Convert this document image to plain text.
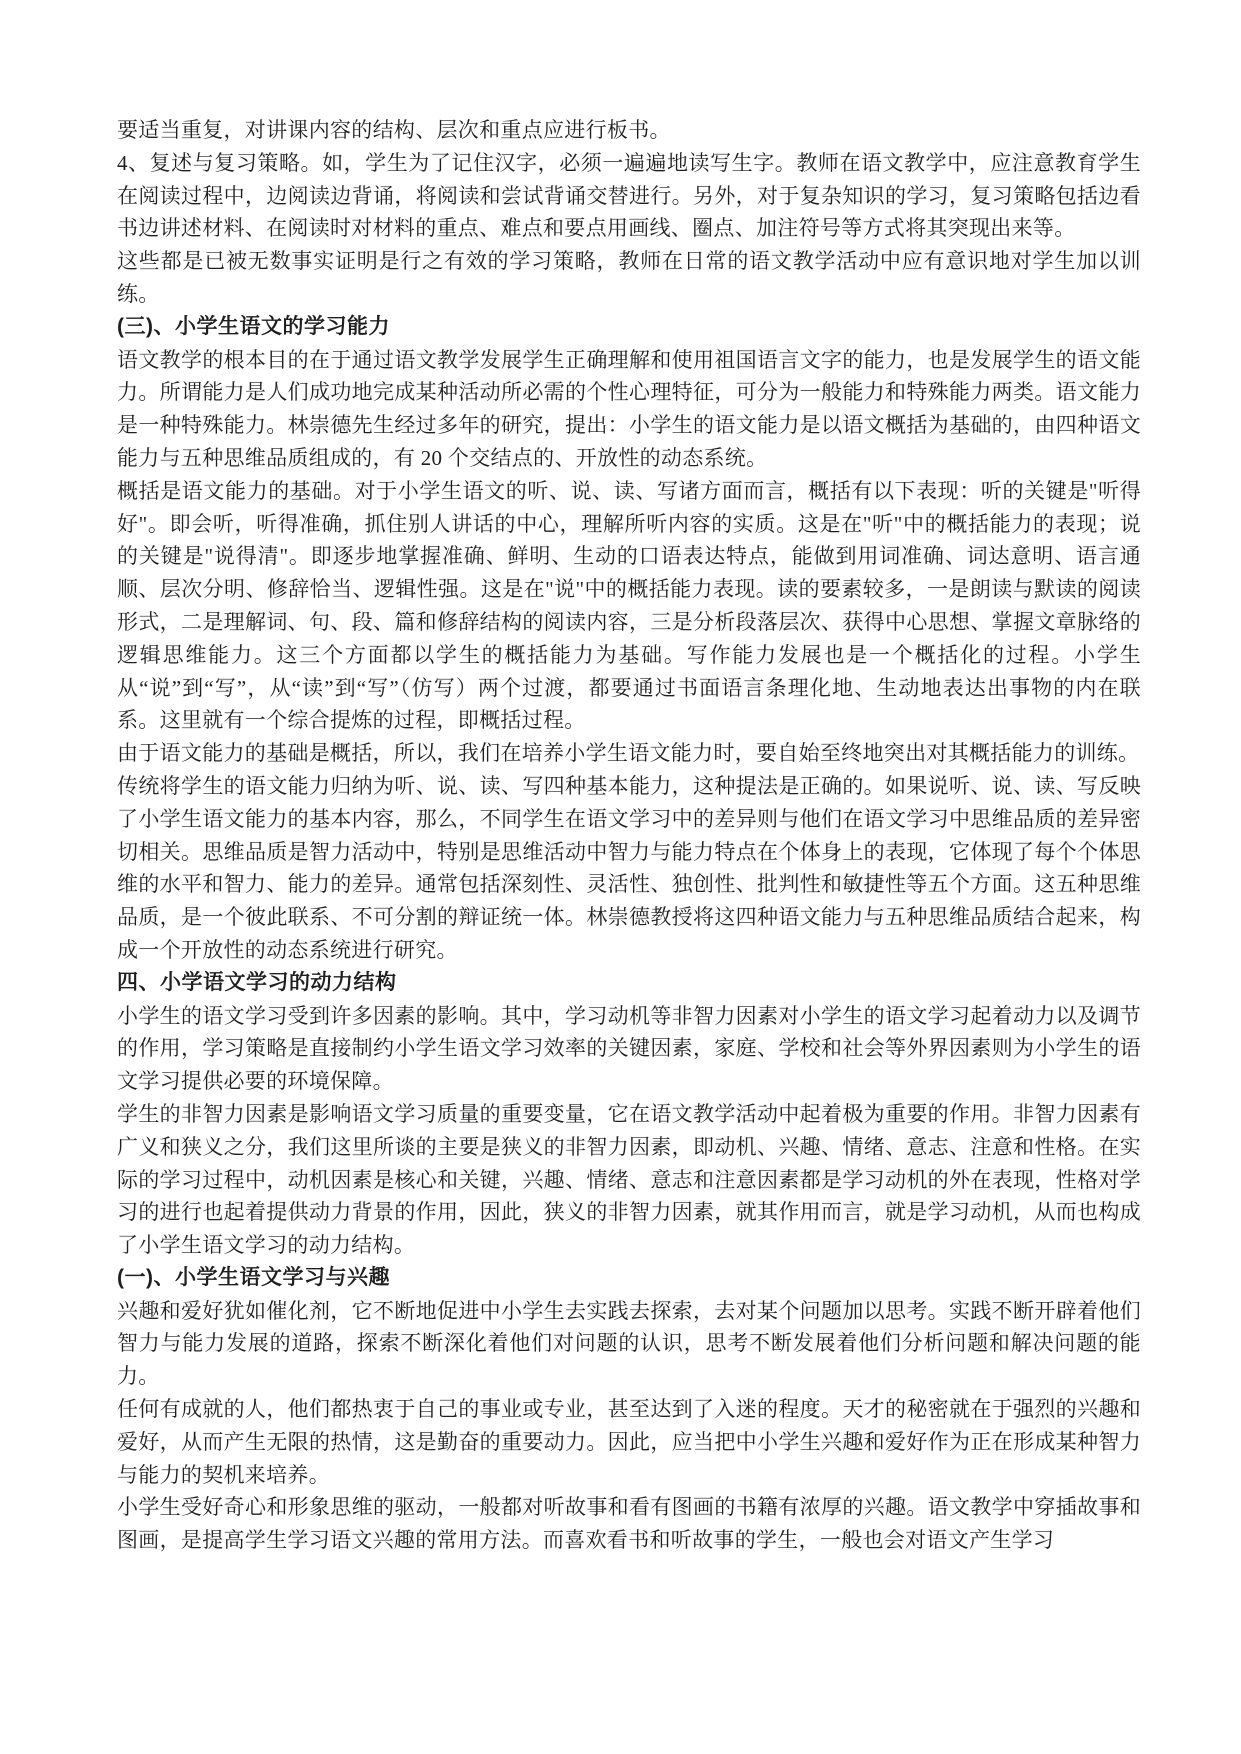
要适当重复，对讲课内容的结构、层次和重点应进行板书。
4、复述与复习策略。如，学生为了记住汉字，必须一遍遍地读写生字。教师在语文教学中，应注意教育学生在阅读过程中，边阅读边背诵，将阅读和尝试背诵交替进行。另外，对于复杂知识的学习，复习策略包括边看书边讲述材料、在阅读时对材料的重点、难点和要点用画线、圈点、加注符号等方式将其突现出来等。
这些都是已被无数事实证明是行之有效的学习策略，教师在日常的语文教学活动中应有意识地对学生加以训练。
(三)、小学生语文的学习能力
语文教学的根本目的在于通过语文教学发展学生正确理解和使用祖国语言文字的能力，也是发展学生的语文能力。所谓能力是人们成功地完成某种活动所必需的个性心理特征，可分为一般能力和特殊能力两类。语文能力是一种特殊能力。林崇德先生经过多年的研究，提出：小学生的语文能力是以语文概括为基础的，由四种语文能力与五种思维品质组成的，有 20 个交结点的、开放性的动态系统。
概括是语文能力的基础。对于小学生语文的听、说、读、写诸方面而言，概括有以下表现：听的关键是"听得好"。即会听，听得准确，抓住别人讲话的中心，理解所听内容的实质。这是在"听"中的概括能力的表现；说的关键是"说得清"。即逐步地掌握准确、鲜明、生动的口语表达特点，能做到用词准确、词达意明、语言通顺、层次分明、修辞恰当、逻辑性强。这是在"说"中的概括能力表现。读的要素较多，一是朗读与默读的阅读形式，二是理解词、句、段、篇和修辞结构的阅读内容，三是分析段落层次、获得中心思想、掌握文章脉络的逻辑思维能力。这三个方面都以学生的概括能力为基础。写作能力发展也是一个概括化的过程。小学生从“说”到“写”，从“读”到“写”（仿写）两个过渡，都要通过书面语言条理化地、生动地表达出事物的内在联系。这里就有一个综合提炼的过程，即概括过程。
由于语文能力的基础是概括，所以，我们在培养小学生语文能力时，要自始至终地突出对其概括能力的训练。
传统将学生的语文能力归纳为听、说、读、写四种基本能力，这种提法是正确的。如果说听、说、读、写反映了小学生语文能力的基本内容，那么，不同学生在语文学习中的差异则与他们在语文学习中思维品质的差异密切相关。思维品质是智力活动中，特别是思维活动中智力与能力特点在个体身上的表现，它体现了每个个体思维的水平和智力、能力的差异。通常包括深刻性、灵活性、独创性、批判性和敏捷性等五个方面。这五种思维品质，是一个彼此联系、不可分割的辩证统一体。林崇德教授将这四种语文能力与五种思维品质结合起来，构成一个开放性的动态系统进行研究。
四、小学语文学习的动力结构
小学生的语文学习受到许多因素的影响。其中，学习动机等非智力因素对小学生的语文学习起着动力以及调节的作用，学习策略是直接制约小学生语文学习效率的关键因素，家庭、学校和社会等外界因素则为小学生的语文学习提供必要的环境保障。
学生的非智力因素是影响语文学习质量的重要变量，它在语文教学活动中起着极为重要的作用。非智力因素有广义和狭义之分，我们这里所谈的主要是狭义的非智力因素，即动机、兴趣、情绪、意志、注意和性格。在实际的学习过程中，动机因素是核心和关键，兴趣、情绪、意志和注意因素都是学习动机的外在表现，性格对学习的进行也起着提供动力背景的作用，因此，狭义的非智力因素，就其作用而言，就是学习动机，从而也构成了小学生语文学习的动力结构。
(一)、小学生语文学习与兴趣
兴趣和爱好犹如催化剂，它不断地促进中小学生去实践去探索，去对某个问题加以思考。实践不断开辟着他们智力与能力发展的道路，探索不断深化着他们对问题的认识，思考不断发展着他们分析问题和解决问题的能力。
任何有成就的人，他们都热衷于自己的事业或专业，甚至达到了入迷的程度。天才的秘密就在于强烈的兴趣和爱好，从而产生无限的热情，这是勤奋的重要动力。因此，应当把中小学生兴趣和爱好作为正在形成某种智力与能力的契机来培养。
小学生受好奇心和形象思维的驱动，一般都对听故事和看有图画的书籍有浓厚的兴趣。语文教学中穿插故事和图画，是提高学生学习语文兴趣的常用方法。而喜欢看书和听故事的学生，一般也会对语文产生学习
